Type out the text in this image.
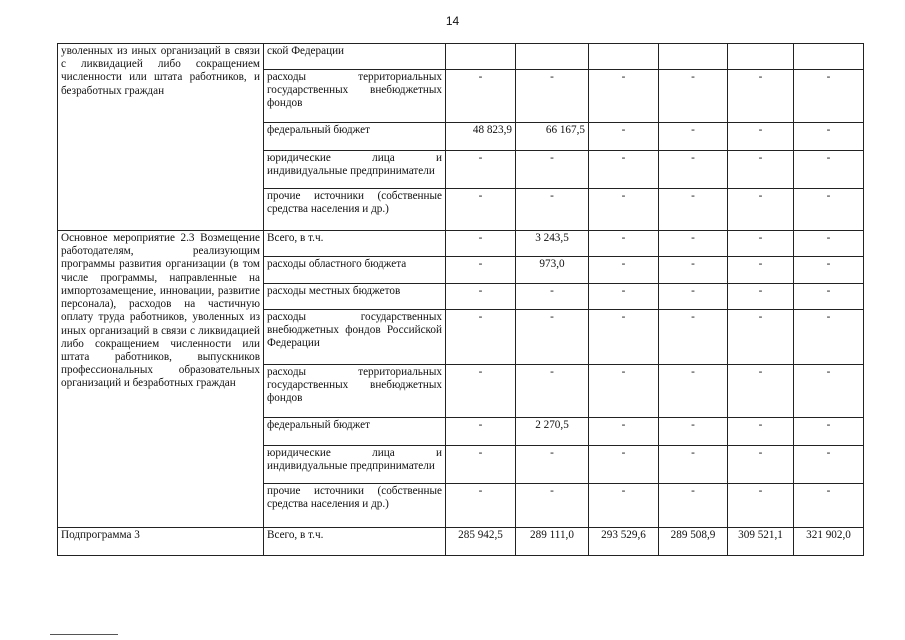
14
уволенных из иных организаций в связи с ликвидацией либо сокращением численности или штата работников, и безработных граждан	ской Федерации						
	расходы территориальных государственных внебюджетных фондов	-	-	-	-	-	-
	федеральный бюджет	48 823,9	66 167,5	-	-	-	-
	юридические лица и индивидуальные предприниматели	-	-	-	-	-	-
	прочие источники (собственные средства населения и др.)	-	-	-	-	-	-
Основное мероприятие 2.3 Возмещение работодателям, реализующим программы развития организации (в том числе программы, направленные на импортозамещение, инновации, развитие персонала), расходов на частичную оплату труда работников, уволенных из иных организаций в связи с ликвидацией либо сокращением численности или штата работников, выпускников профессиональных образовательных организаций и безработных граждан	Всего, в т.ч.	-	3 243,5	-	-	-	-
	расходы областного бюджета	-	973,0	-	-	-	-
	расходы местных бюджетов	-	-	-	-	-	-
	расходы государственных внебюджетных фондов Российской Федерации	-	-	-	-	-	-
	расходы территориальных государственных внебюджетных фондов	-	-	-	-	-	-
	федеральный бюджет	-	2 270,5	-	-	-	-
	юридические лица и индивидуальные предприниматели	-	-	-	-	-	-
	прочие источники (собственные средства населения и др.)	-	-	-	-	-	-
Подпрограмма 3	Всего, в т.ч.	285 942,5	289 111,0	293 529,6	289 508,9	309 521,1	321 902,0
